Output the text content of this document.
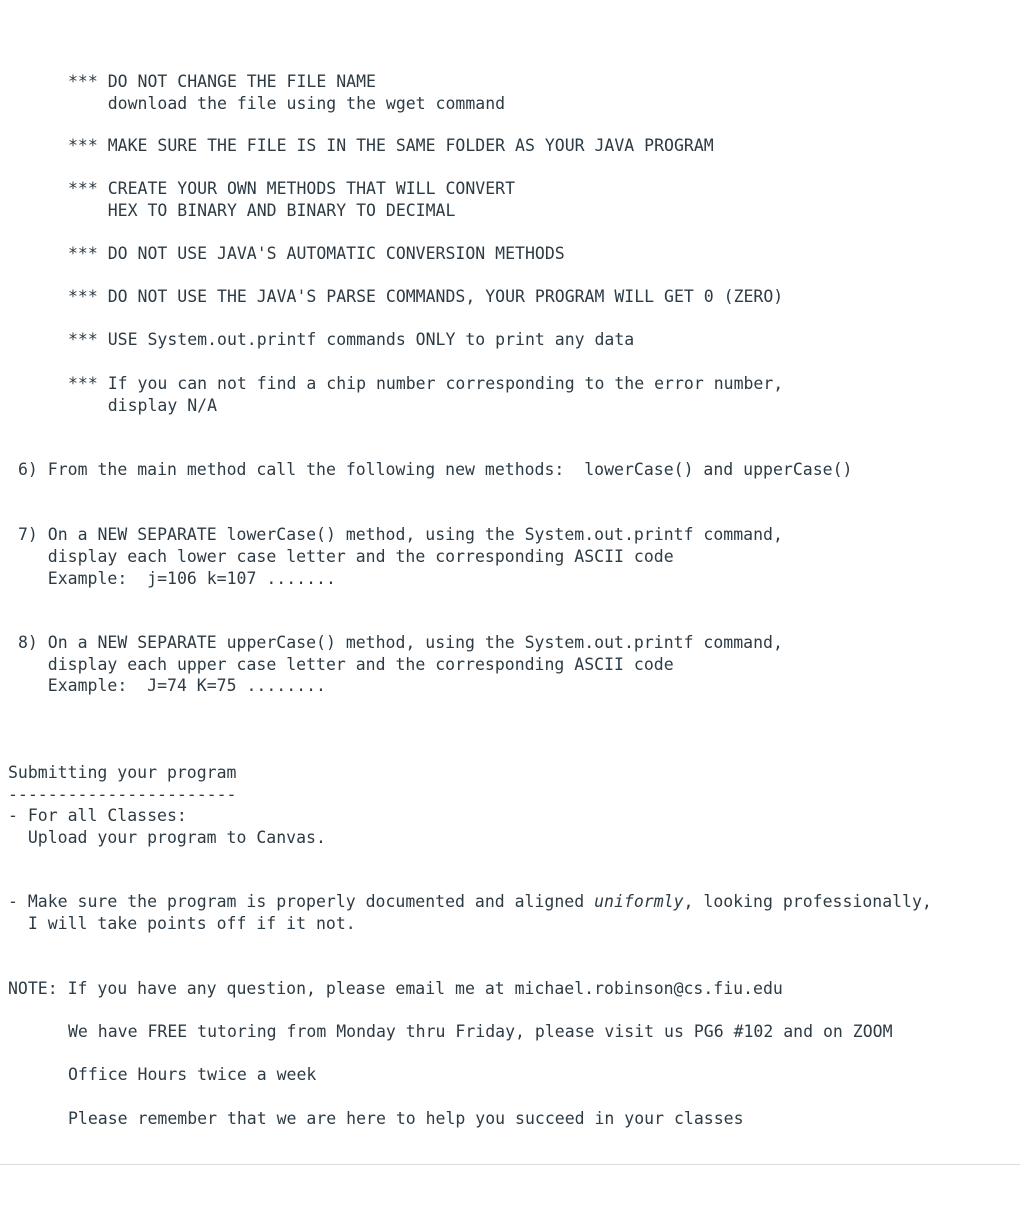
*** DO NOT CHANGE THE FILE NAME

download the file using the wget command

*** MAKE SURE THE FILE IS IN THE SAME FOLDER AS YOUR JAVA PROGRAM

*** CREATE YOUR OWN METHODS THAT WILL CONVERT

HEX TO BINARY AND BINARY TO DECIMAL

*** DO NOT USE JAVA'S AUTOMATIC CONVERSION METHODS

*** DO NOT USE THE JAVA'S PARSE COMMANDS, YOUR PROGRAM WILL GET 0 (ZERO)

*** USE System.out.printf commands ONLY to print any data

*** If you can not find a chip number corresponding to the error number,

display N/A

6) From the main method call the following new methods:  lowerCase() and upperCase()

7) On a NEW SEPARATE lowerCase() method, using the System.out.printf command,

display each lower case letter and the corresponding ASCII code

Example:  j=106 k=107 .......

8) On a NEW SEPARATE upperCase() method, using the System.out.printf command,

display each upper case letter and the corresponding ASCII code

Example:  J=74 K=75 ........

Submitting your program

-----------------------

- For all Classes:

Upload your program to Canvas.

- Make sure the program is properly documented and aligned uniformly, looking professionally,

I will take points off if it not.

NOTE: If you have any question, please email me at michael.robinson@cs.fiu.edu

We have FREE tutoring from Monday thru Friday, please visit us PG6 #102 and on ZOOM

Office Hours twice a week

Please remember that we are here to help you succeed in your classes
